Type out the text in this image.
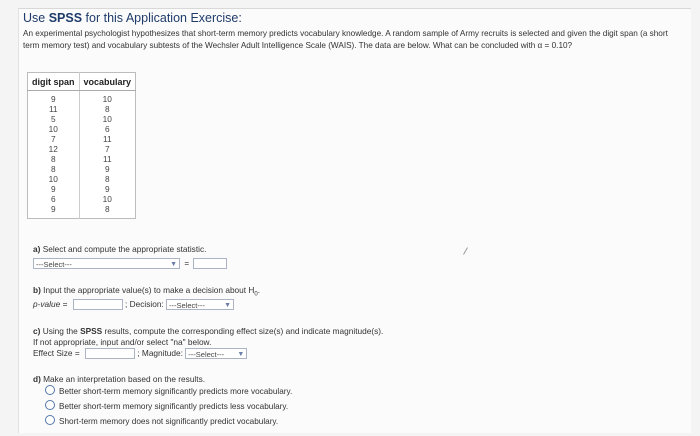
Use SPSS for this Application Exercise:
An experimental psychologist hypothesizes that short-term memory predicts vocabulary knowledge. A random sample of Army recruits is selected and given the digit span (a short term memory test) and vocabulary subtests of the Wechsler Adult Intelligence Scale (WAIS). The data are below. What can be concluded with α = 0.10?
digit span	vocabulary
9	10
11	8
5	10
10	6
7	11
12	7
8	11
8	9
10	8
9	9
6	10
9	8
a) Select and compute the appropriate statistic.
---Select---	▼ =
b) Input the appropriate value(s) to make a decision about $H_0$.
p-value =	; Decision: ---Select---	▼
c) Using the SPSS results, compute the corresponding effect size(s) and indicate magnitude(s).
If not appropriate, input and/or select "na" below.
Effect Size =	; Magnitude: ---Select--- ▼
d) Make an interpretation based on the results.
Better short-term memory significantly predicts more vocabulary.
Better short-term memory significantly predicts less vocabulary.
Short-term memory does not significantly predict vocabulary.
